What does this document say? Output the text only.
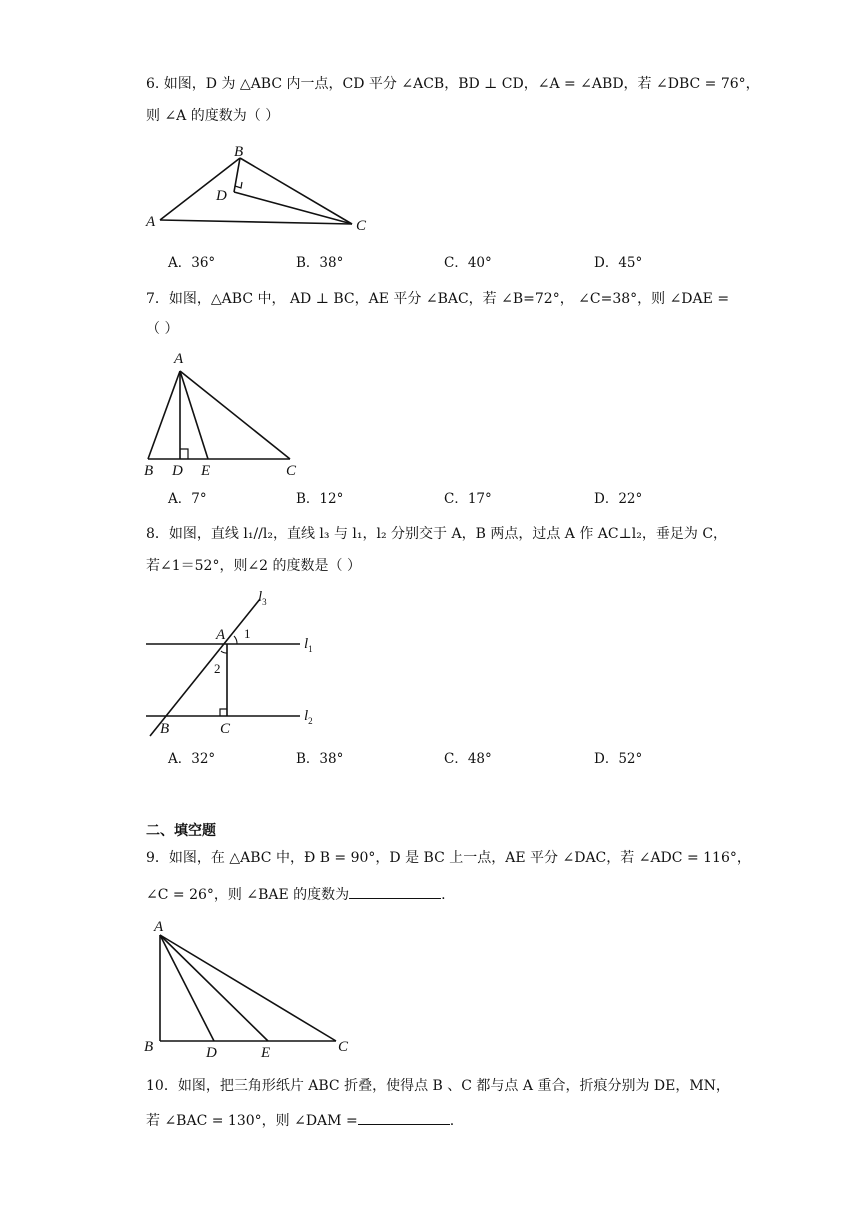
6. 如图，D 为 △ABC 内一点，CD 平分 ∠ACB，BD ⊥ CD，∠A = ∠ABD，若 ∠DBC = 76°，
则 ∠A 的度数为（ ）
B
A
D
C
A．36°	B．38°	C．40°	D．45°
7．如图，△ABC 中， AD ⊥ BC，AE 平分 ∠BAC，若 ∠B=72°， ∠C=38°，则 ∠DAE =
（ ）
A
B D E	C
A．7°	B．12°	C．17°	D．22°
8．如图，直线 l₁//l₂，直线 l₃ 与 l₁，l₂ 分别交于 A，B 两点，过点 A 作 AC⊥l₂，垂足为 C，
若∠1＝52°，则∠2 的度数是（ ）
A 1
2
B	C
$l_3$
$l_1$
$l_2$
A．32°	B．38°	C．48°	D．52°
二、填空题
9．如图，在 △ABC 中，Ð B = 90°，D 是 BC 上一点，AE 平分 ∠DAC，若 ∠ADC = 116°，
∠C = 26°，则 ∠BAE 的度数为	.
A
B	D	E	C
10．如图，把三角形纸片 ABC 折叠，使得点 B 、C 都与点 A 重合，折痕分别为 DE，MN，
若 ∠BAC = 130°，则 ∠DAM =	.
